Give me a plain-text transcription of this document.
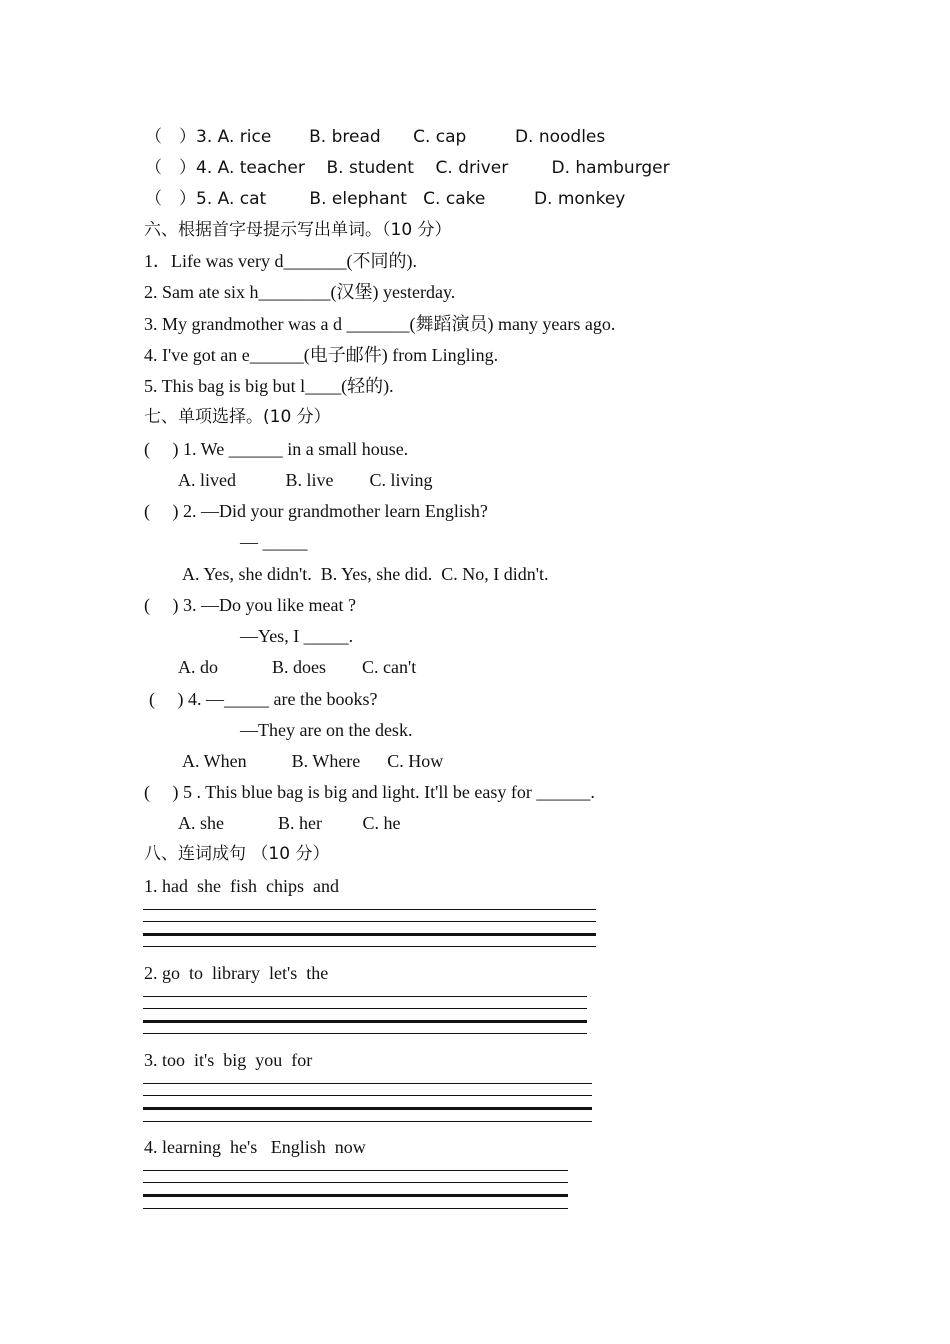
（　）3. A. rice       B. bread      C. cap         D. noodles
（　）4. A. teacher    B. student    C. driver        D. hamburger
（　）5. A. cat        B. elephant   C. cake         D. monkey
六、根据首字母提示写出单词。（10 分）
1．Life was very d_______(不同的).
2. Sam ate six h________(汉堡) yesterday.
3. My grandmother was a d _______(舞蹈演员) many years ago.
4. I've got an e______(电子邮件) from Lingling.
5. This bag is big but l____(轻的).
七、单项选择。(10 分）
(     ) 1. We ______ in a small house.
A. lived           B. live        C. living
(     ) 2. —Did your grandmother learn English?
— _____
A. Yes, she didn't.  B. Yes, she did.  C. No, I didn't.
(     ) 3. —Do you like meat ?
—Yes, I _____.
A. do            B. does        C. can't
(     ) 4. —_____ are the books?
—They are on the desk.
A. When          B. Where      C. How
(     ) 5 . This blue bag is big and light. It'll be easy for ______.
A. she            B. her         C. he
八、连词成句 （10 分）
1. had  she  fish  chips  and
2. go  to  library  let's  the
3. too  it's  big  you  for
4. learning  he's   English  now
